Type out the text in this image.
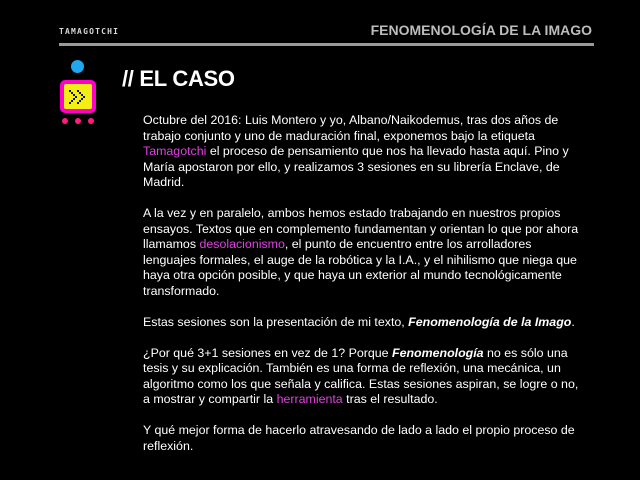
TAMAGOTCHI	FENOMENOLOGÍA DE LA IMAGO
// EL CASO

Octubre del 2016: Luis Montero y yo, Albano/Naikodemus, tras dos años de trabajo conjunto y uno de maduración final, exponemos bajo la etiqueta Tamagotchi el proceso de pensamiento que nos ha llevado hasta aquí. Pino y María apostaron por ello, y realizamos 3 sesiones en su librería Enclave, de Madrid.

A la vez y en paralelo, ambos hemos estado trabajando en nuestros propios ensayos. Textos que en complemento fundamentan y orientan lo que por ahora llamamos desolacionismo, el punto de encuentro entre los arrolladores lenguajes formales, el auge de la robótica y la I.A., y el nihilismo que niega que haya otra opción posible, y que haya un exterior al mundo tecnológicamente transformado.

Estas sesiones son la presentación de mi texto, Fenomenología de la Imago.

¿Por qué 3+1 sesiones en vez de 1? Porque Fenomenología no es sólo una tesis y su explicación. También es una forma de reflexión, una mecánica, un algoritmo como los que señala y califica. Estas sesiones aspiran, se logre o no, a mostrar y compartir la herramienta tras el resultado.

Y qué mejor forma de hacerlo atravesando de lado a lado el propio proceso de reflexión.
